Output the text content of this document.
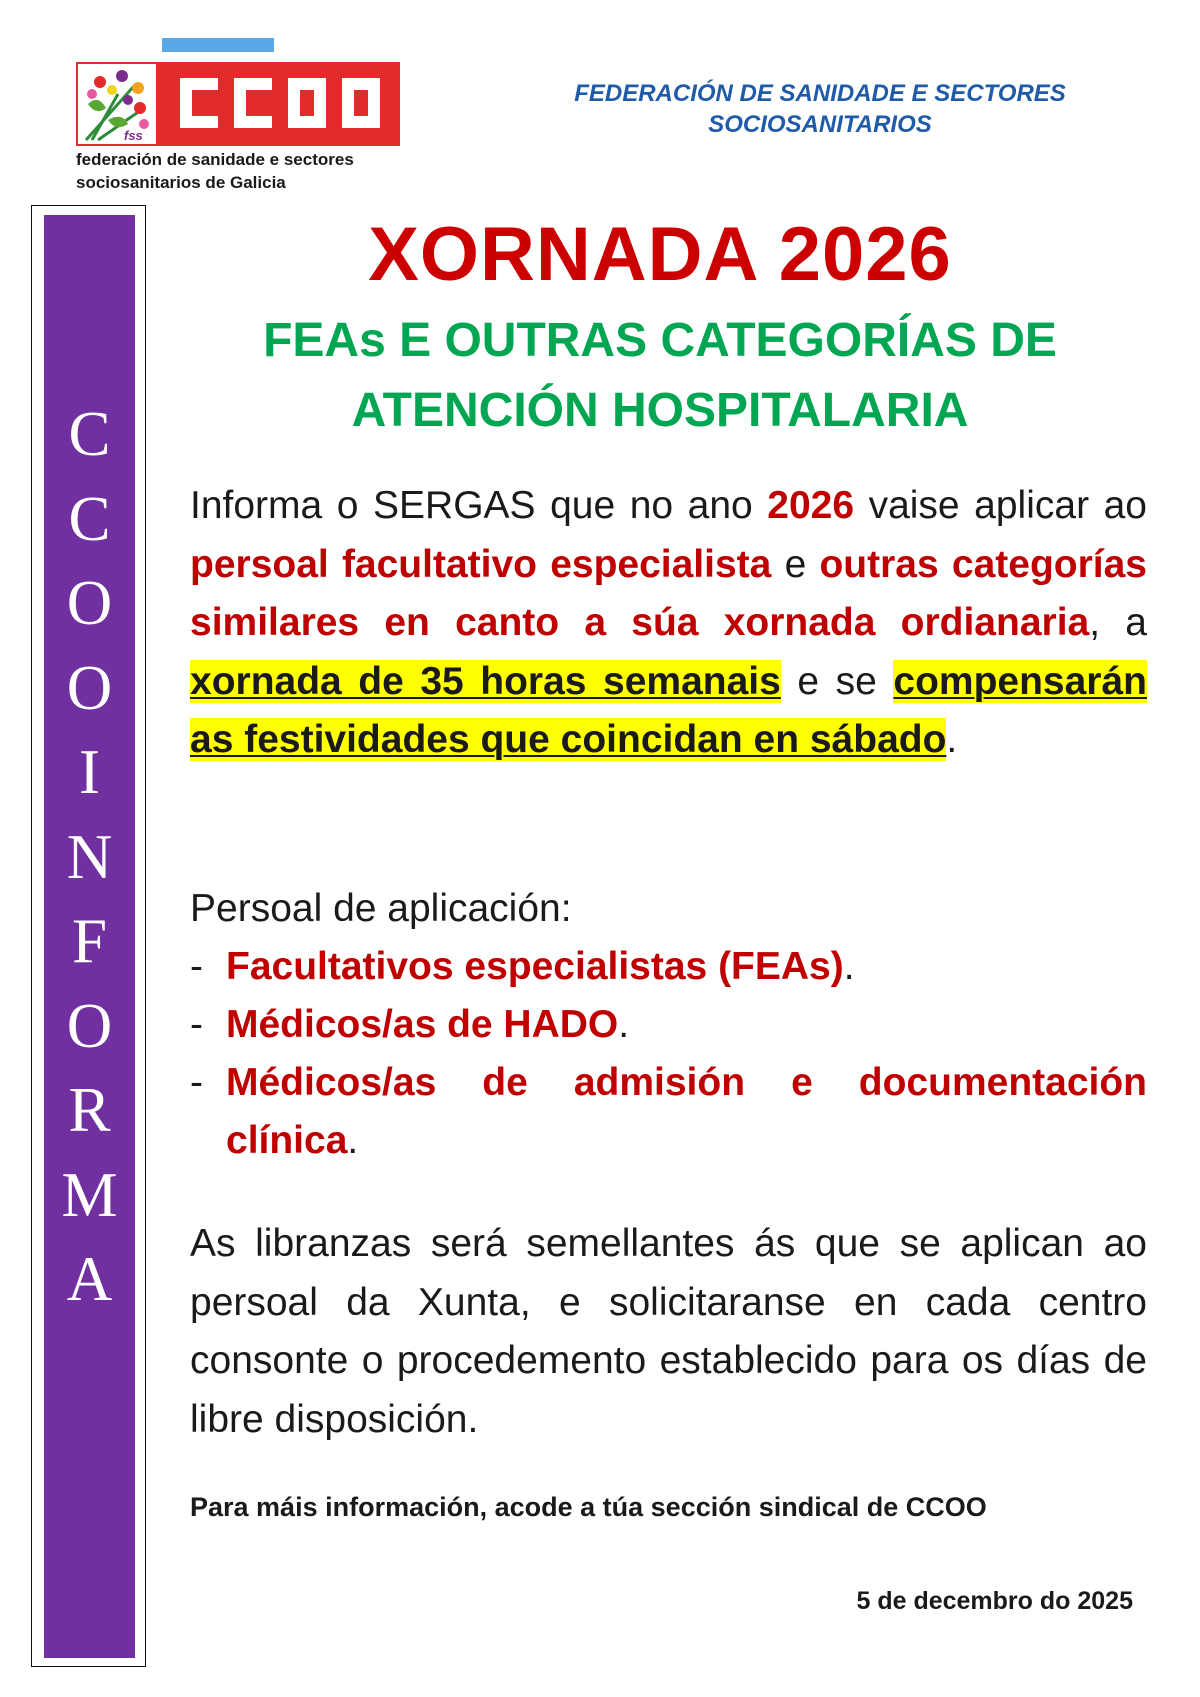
fss
federación de sanidade e sectores
sociosanitarios de Galicia
FEDERACIÓN DE SANIDADE E SECTORES
SOCIOSANITARIOS
C
C
O
O
I
N
F
O
R
M
A
XORNADA 2026
FEAs E OUTRAS CATEGORÍAS DE
ATENCIÓN HOSPITALARIA
Informa o SERGAS que no ano 2026 vaise aplicar ao persoal facultativo especialista e outras categorías similares en canto a súa xornada ordianaria, a xornada de 35 horas semanais e se compensarán as festividades que coincidan en sábado.
Persoal de aplicación:
- Facultativos especialistas (FEAs).
- Médicos/as de HADO.
- Médicos/as de admisión e documentación clínica.
As libranzas será semellantes ás que se aplican ao persoal da Xunta, e solicitaranse en cada centro consonte o procedemento establecido para os días de libre disposición.
Para máis información, acode a túa sección sindical de CCOO
5 de decembro do 2025
